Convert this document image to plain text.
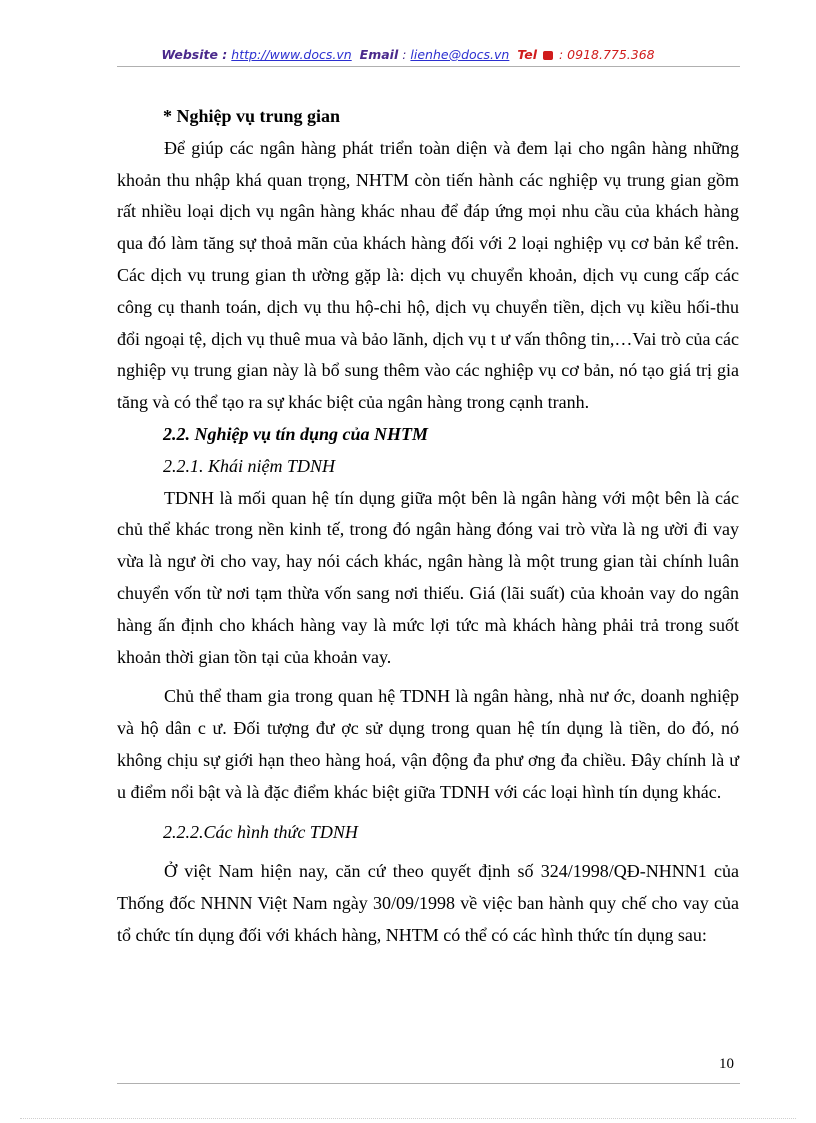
Website : http://www.docs.vn Email : lienhe@docs.vn Tel : 0918.775.368

* Nghiệp vụ trung gian

Để giúp các ngân hàng phát triển toàn diện và đem lại cho ngân hàng những khoản thu nhập khá quan trọng, NHTM còn tiến hành các nghiệp vụ trung gian gồm rất nhiều loại dịch vụ ngân hàng khác nhau để đáp ứng mọi nhu cầu của khách hàng qua đó làm tăng sự thoả mãn của khách hàng đối với 2 loại nghiệp vụ cơ bản kể trên. Các dịch vụ trung gian th ường gặp là: dịch vụ chuyển khoản, dịch vụ cung cấp các công cụ thanh toán, dịch vụ thu hộ-chi hộ, dịch vụ chuyển tiền, dịch vụ kiều hối-thu đổi ngoại tệ, dịch vụ thuê mua và bảo lãnh, dịch vụ t ư vấn thông tin,…Vai trò của các nghiệp vụ trung gian này là bổ sung thêm vào các nghiệp vụ cơ bản, nó tạo giá trị gia tăng và có thể tạo ra sự khác biệt của ngân hàng trong cạnh tranh.

2.2. Nghiệp vụ tín dụng của NHTM

2.2.1. Khái niệm TDNH

TDNH là mối quan hệ tín dụng giữa một bên là ngân hàng với một bên là các chủ thể khác trong nền kinh tế, trong đó ngân hàng đóng vai trò vừa là ng ười đi vay vừa là ngư ời cho vay, hay nói cách khác, ngân hàng là một trung gian tài chính luân chuyển vốn từ nơi tạm thừa vốn sang nơi thiếu. Giá (lãi suất) của khoản vay do ngân hàng ấn định cho khách hàng vay là mức lợi tức mà khách hàng phải trả trong suốt khoản thời gian tồn tại của khoản vay.

Chủ thể tham gia trong quan hệ TDNH là ngân hàng, nhà nư ớc, doanh nghiệp và hộ dân c ư. Đối tượng đư ợc sử dụng trong quan hệ tín dụng là tiền, do đó, nó không chịu sự giới hạn theo hàng hoá, vận động đa phư ơng đa chiều. Đây chính là ư u điểm nổi bật và là đặc điểm khác biệt giữa TDNH với các loại hình tín dụng khác.

2.2.2.Các hình thức TDNH

Ở việt Nam hiện nay, căn cứ theo quyết định số 324/1998/QĐ-NHNN1 của Thống đốc NHNN Việt Nam ngày 30/09/1998 về việc ban hành quy chế cho vay của tổ chức tín dụng đối với khách hàng, NHTM có thể có các hình thức tín dụng sau:

10
